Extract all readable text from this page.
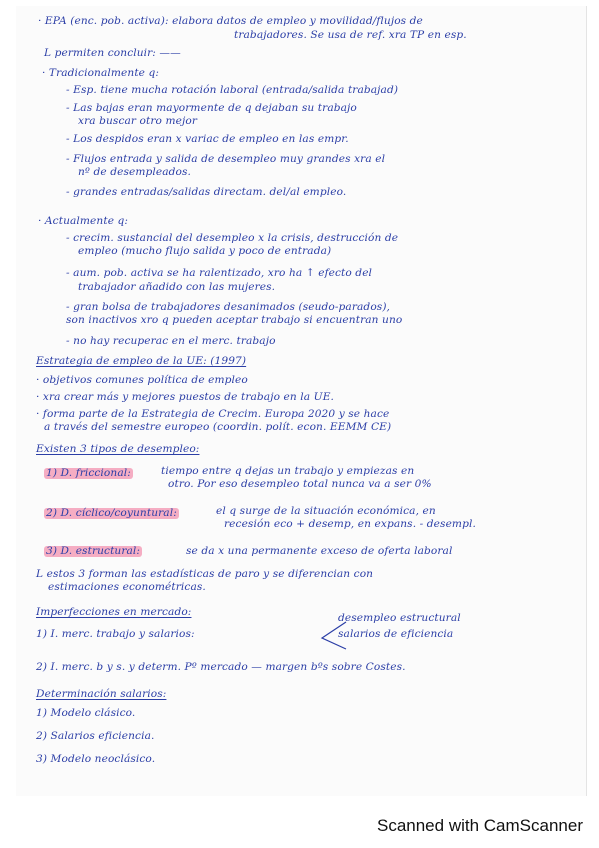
· EPA (enc. pob. activa): elabora datos de empleo y movilidad/flujos de
trabajadores. Se usa de ref. xra TP en esp.
L permiten concluir: ——
· Tradicionalmente q:
- Esp. tiene mucha rotación laboral (entrada/salida trabajad)
- Las bajas eran mayormente de q dejaban su trabajo
xra buscar otro mejor
- Los despidos eran x variac de empleo en las empr.
- Flujos entrada y salida de desempleo muy grandes xra el
nº de desempleados.
- grandes entradas/salidas directam. del/al empleo.
· Actualmente q:
- crecim. sustancial del desempleo x la crisis, destrucción de
empleo (mucho flujo salida y poco de entrada)
- aum. pob. activa se ha ralentizado, xro ha ↑ efecto del
trabajador añadido con las mujeres.
- gran bolsa de trabajadores desanimados (seudo-parados),
son inactivos xro q pueden aceptar trabajo si encuentran uno
- no hay recuperac en el merc. trabajo
Estrategia de empleo de la UE: (1997)
· objetivos comunes política de empleo
· xra crear más y mejores puestos de trabajo en la UE.
· forma parte de la Estrategia de Crecim. Europa 2020 y se hace
a través del semestre europeo (coordin. polít. econ. EEMM CE)
Existen 3 tipos de desempleo:
1) D. friccional:	tiempo entre q dejas un trabajo y empiezas en
otro. Por eso desempleo total nunca va a ser 0%
2) D. cíclico/coyuntural:	el q surge de la situación económica, en
recesión eco + desemp, en expans. - desempl.
3) D. estructural:	se da x una permanente exceso de oferta laboral
L estos 3 forman las estadísticas de paro y se diferencian con
estimaciones econométricas.
Imperfecciones en mercado:
1) I. merc. trabajo y salarios:
desempleo estructural
salarios de eficiencia
2) I. merc. b y s. y determ. Pº mercado — margen bºs sobre Costes.
Determinación salarios:
1) Modelo clásico.
2) Salarios eficiencia.
3) Modelo neoclásico.
Scanned with CamScanner
